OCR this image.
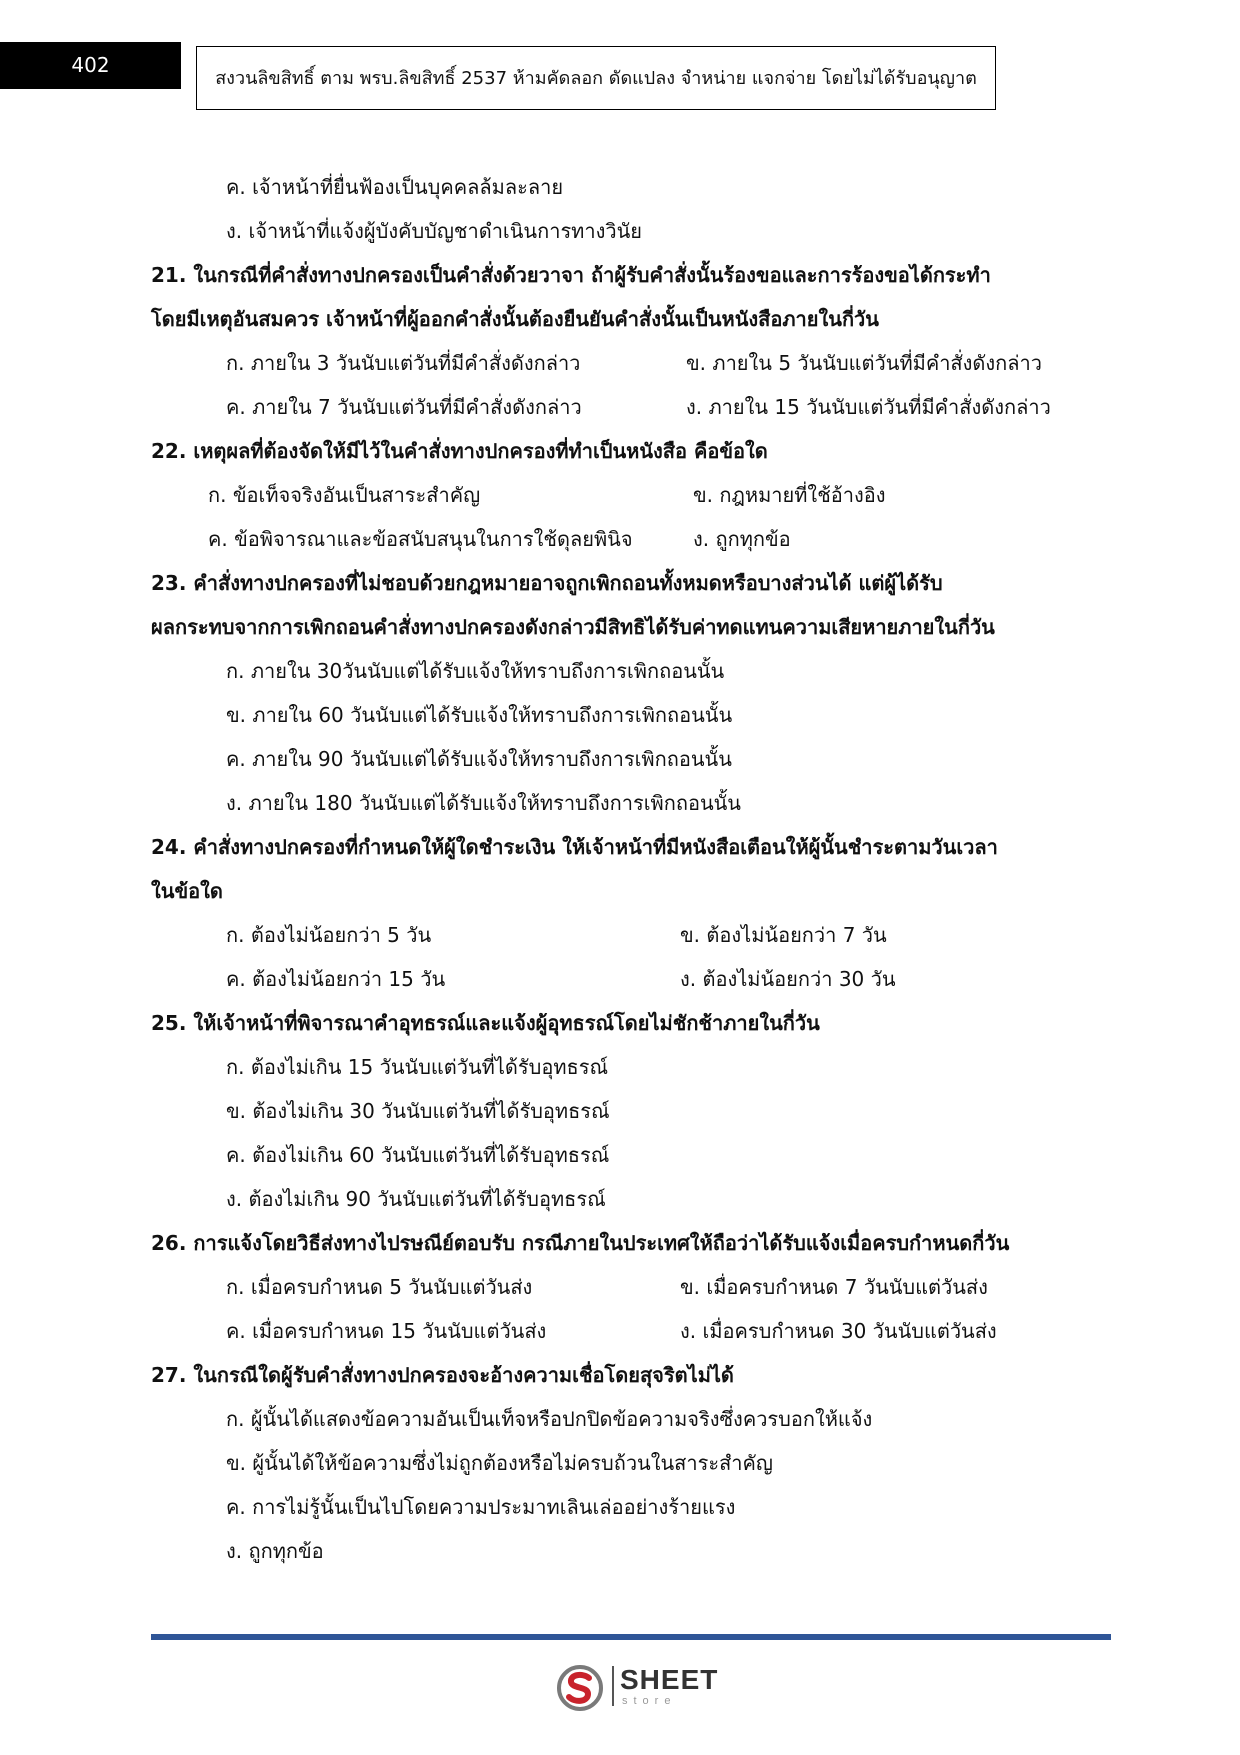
402
สงวนลิขสิทธิ์ ตาม พรบ.ลิขสิทธิ์ 2537 ห้ามคัดลอก ดัดแปลง จำหน่าย แจกจ่าย โดยไม่ได้รับอนุญาต
ค. เจ้าหน้าที่ยื่นฟ้องเป็นบุคคลล้มละลาย
ง. เจ้าหน้าที่แจ้งผู้บังคับบัญชาดำเนินการทางวินัย
21. ในกรณีที่คำสั่งทางปกครองเป็นคำสั่งด้วยวาจา ถ้าผู้รับคำสั่งนั้นร้องขอและการร้องขอได้กระทำ
โดยมีเหตุอันสมควร เจ้าหน้าที่ผู้ออกคำสั่งนั้นต้องยืนยันคำสั่งนั้นเป็นหนังสือภายในกี่วัน
ก. ภายใน 3 วันนับแต่วันที่มีคำสั่งดังกล่าว	ข. ภายใน 5 วันนับแต่วันที่มีคำสั่งดังกล่าว
ค. ภายใน 7 วันนับแต่วันที่มีคำสั่งดังกล่าว	ง. ภายใน 15 วันนับแต่วันที่มีคำสั่งดังกล่าว
22. เหตุผลที่ต้องจัดให้มีไว้ในคำสั่งทางปกครองที่ทำเป็นหนังสือ คือข้อใด
ก. ข้อเท็จจริงอันเป็นสาระสำคัญ	ข. กฎหมายที่ใช้อ้างอิง
ค. ข้อพิจารณาและข้อสนับสนุนในการใช้ดุลยพินิจ	ง. ถูกทุกข้อ
23. คำสั่งทางปกครองที่ไม่ชอบด้วยกฎหมายอาจถูกเพิกถอนทั้งหมดหรือบางส่วนได้ แต่ผู้ได้รับ
ผลกระทบจากการเพิกถอนคำสั่งทางปกครองดังกล่าวมีสิทธิได้รับค่าทดแทนความเสียหายภายในกี่วัน
ก. ภายใน 30วันนับแต่ได้รับแจ้งให้ทราบถึงการเพิกถอนนั้น
ข. ภายใน 60 วันนับแต่ได้รับแจ้งให้ทราบถึงการเพิกถอนนั้น
ค. ภายใน 90 วันนับแต่ได้รับแจ้งให้ทราบถึงการเพิกถอนนั้น
ง. ภายใน 180 วันนับแต่ได้รับแจ้งให้ทราบถึงการเพิกถอนนั้น
24. คำสั่งทางปกครองที่กำหนดให้ผู้ใดชำระเงิน ให้เจ้าหน้าที่มีหนังสือเตือนให้ผู้นั้นชำระตามวันเวลา
ในข้อใด
ก. ต้องไม่น้อยกว่า 5 วัน	ข. ต้องไม่น้อยกว่า 7 วัน
ค. ต้องไม่น้อยกว่า 15 วัน	ง. ต้องไม่น้อยกว่า 30 วัน
25. ให้เจ้าหน้าที่พิจารณาคำอุทธรณ์และแจ้งผู้อุทธรณ์โดยไม่ชักช้าภายในกี่วัน
ก. ต้องไม่เกิน 15 วันนับแต่วันที่ได้รับอุทธรณ์
ข. ต้องไม่เกิน 30 วันนับแต่วันที่ได้รับอุทธรณ์
ค. ต้องไม่เกิน 60 วันนับแต่วันที่ได้รับอุทธรณ์
ง. ต้องไม่เกิน 90 วันนับแต่วันที่ได้รับอุทธรณ์
26. การแจ้งโดยวิธีส่งทางไปรษณีย์ตอบรับ กรณีภายในประเทศให้ถือว่าได้รับแจ้งเมื่อครบกำหนดกี่วัน
ก. เมื่อครบกำหนด 5 วันนับแต่วันส่ง	ข. เมื่อครบกำหนด 7 วันนับแต่วันส่ง
ค. เมื่อครบกำหนด 15 วันนับแต่วันส่ง	ง. เมื่อครบกำหนด 30 วันนับแต่วันส่ง
27. ในกรณีใดผู้รับคำสั่งทางปกครองจะอ้างความเชื่อโดยสุจริตไม่ได้
ก. ผู้นั้นได้แสดงข้อความอันเป็นเท็จหรือปกปิดข้อความจริงซึ่งควรบอกให้แจ้ง
ข. ผู้นั้นได้ให้ข้อความซึ่งไม่ถูกต้องหรือไม่ครบถ้วนในสาระสำคัญ
ค. การไม่รู้นั้นเป็นไปโดยความประมาทเลินเล่ออย่างร้ายแรง
ง. ถูกทุกข้อ
SHEET
store
